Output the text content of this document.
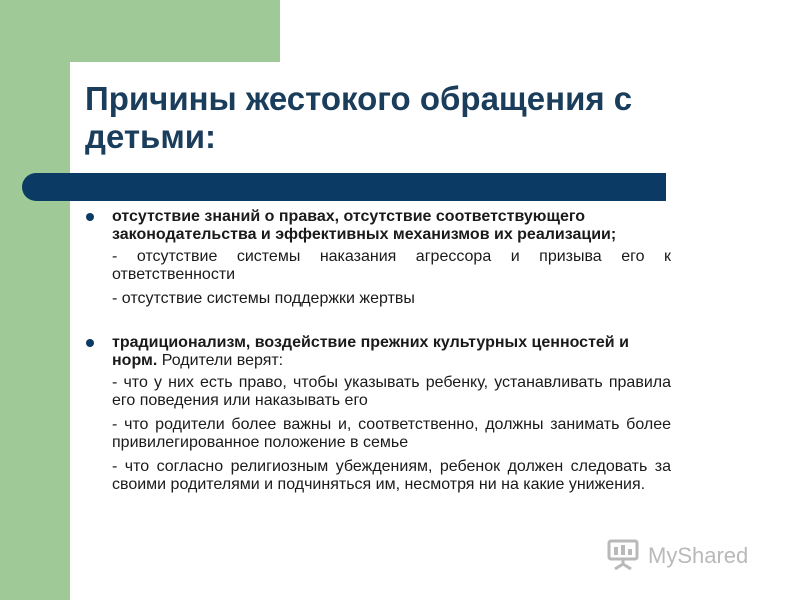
Причины жестокого обращения с детьми:
отсутствие знаний о правах, отсутствие соответствующего законодательства и эффективных механизмов их реализации;
- отсутствие системы наказания агрессора и призыва его к ответственности
- отсутствие системы поддержки жертвы
традиционализм, воздействие прежних культурных ценностей и норм. Родители верят:
- что у них есть право, чтобы указывать ребенку, устанавливать правила его поведения или наказывать его
- что родители более важны и, соответственно, должны занимать более привилегированное положение в семье
- что согласно религиозным убеждениям, ребенок должен следовать за своими родителями и подчиняться им, несмотря ни на какие унижения.
MyShared
